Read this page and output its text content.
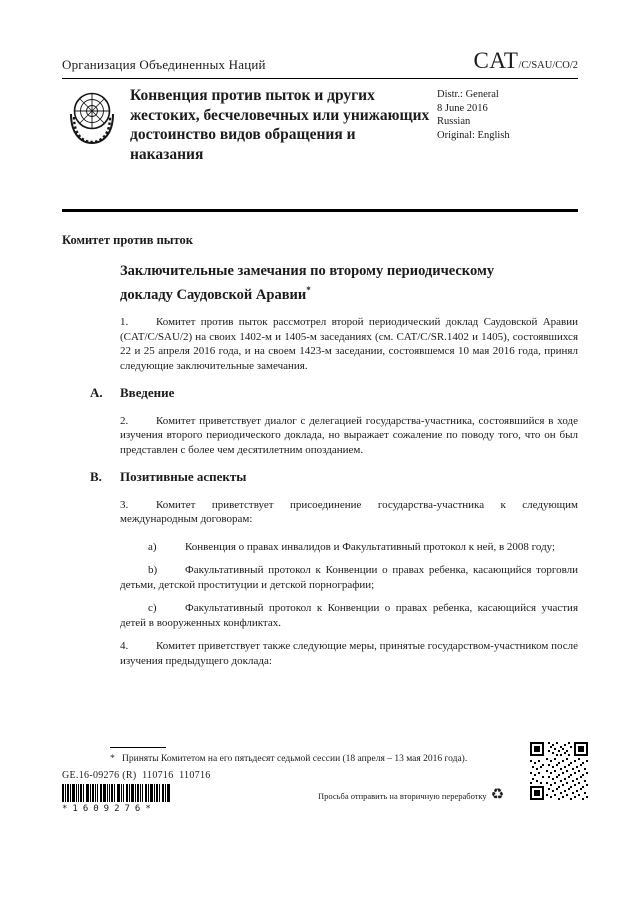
Организация Объединенных Наций	CAT /C/SAU/CO/2
Конвенция против пыток и других жестоких, бесчеловечных или унижающих достоинство видов обращения и наказания
Distr.: General
8 June 2016
Russian
Original: English
Комитет против пыток
Заключительные замечания по второму периодическому докладу Саудовской Аравии*

1.	Комитет против пыток рассмотрел второй периодический доклад Саудовской Аравии (CAT/C/SAU/2) на своих 1402-м и 1405-м заседаниях (см. CAT/C/SR.1402 и 1405), состоявшихся 22 и 25 апреля 2016 года, и на своем 1423-м заседании, состоявшемся 10 мая 2016 года, принял следующие заключительные замечания.

A. Введение

2.	Комитет приветствует диалог с делегацией государства-участника, состоявшийся в ходе изучения второго периодического доклада, но выражает сожаление по поводу того, что он был представлен с более чем десятилетним опозданием.

B. Позитивные аспекты

3.	Комитет приветствует присоединение государства-участника к следующим международным договорам:

a)	Конвенция о правах инвалидов и Факультативный протокол к ней, в 2008 году;

b)	Факультативный протокол к Конвенции о правах ребенка, касающийся торговли детьми, детской проституции и детской порнографии;

c)	Факультативный протокол к Конвенции о правах ребенка, касающийся участия детей в вооруженных конфликтах.

4.	Комитет приветствует также следующие меры, принятые государством-участником после изучения предыдущего доклада:

* Приняты Комитетом на его пятьдесят седьмой сессии (18 апреля – 13 мая 2016 года).
GE.16-09276 (R)  110716  110716
*1609276*
Просьба отправить на вторичную переработку ♻
